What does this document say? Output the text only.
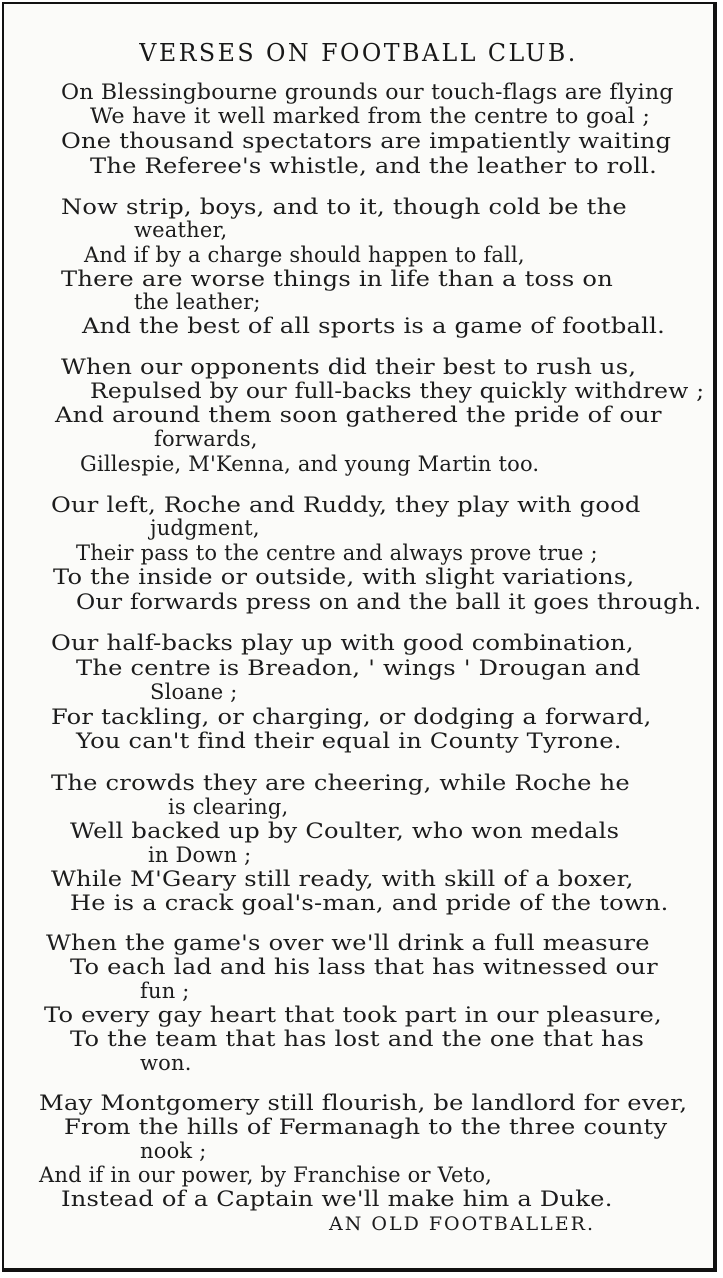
VERSES ON FOOTBALL CLUB.
On Blessingbourne grounds our touch-flags are flying
We have it well marked from the centre to goal ;
One thousand spectators are impatiently waiting
The Referee's whistle, and the leather to roll.
Now strip, boys, and to it, though cold be the
weather,
And if by a charge should happen to fall,
There are worse things in life than a toss on
the leather;
And the best of all sports is a game of football.
When our opponents did their best to rush us,
Repulsed by our full-backs they quickly withdrew ;
And around them soon gathered the pride of our
forwards,
Gillespie, M'Kenna, and young Martin too.
Our left, Roche and Ruddy, they play with good
judgment,
Their pass to the centre and always prove true ;
To the inside or outside, with slight variations,
Our forwards press on and the ball it goes through.
Our half-backs play up with good combination,
The centre is Breadon, ' wings ' Drougan and
Sloane ;
For tackling, or charging, or dodging a forward,
You can't find their equal in County Tyrone.
The crowds they are cheering, while Roche he
is clearing,
Well backed up by Coulter, who won medals
in Down ;
While M'Geary still ready, with skill of a boxer,
He is a crack goal's-man, and pride of the town.
When the game's over we'll drink a full measure
To each lad and his lass that has witnessed our
fun ;
To every gay heart that took part in our pleasure,
To the team that has lost and the one that has
won.
May Montgomery still flourish, be landlord for ever,
From the hills of Fermanagh to the three county
nook ;
And if in our power, by Franchise or Veto,
Instead of a Captain we'll make him a Duke.
AN OLD FOOTBALLER.
